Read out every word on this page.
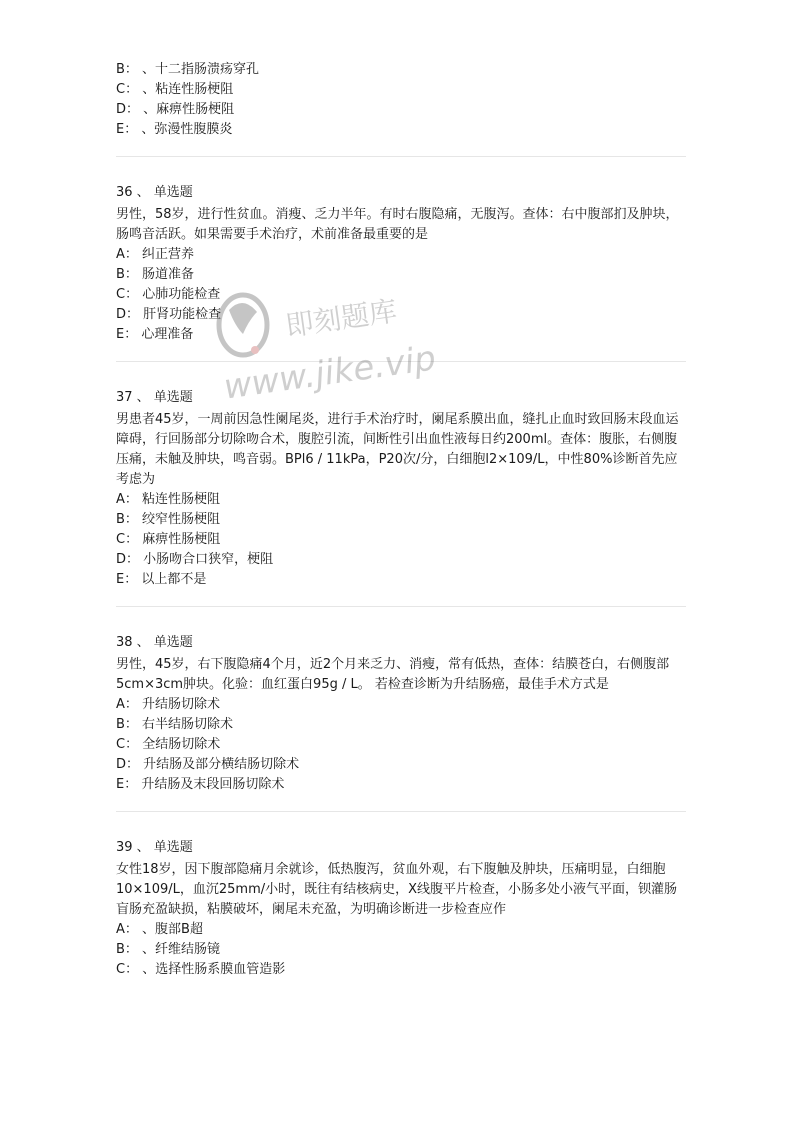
B： 、十二指肠溃疡穿孔
C： 、粘连性肠梗阻
D： 、麻痹性肠梗阻
E： 、弥漫性腹膜炎
36 、 单选题
男性，58岁，进行性贫血。消瘦、乏力半年。有时右腹隐痛，无腹泻。查体：右中腹部扪及肿块，肠鸣音活跃。如果需要手术治疗，术前准备最重要的是
A： 纠正营养
B： 肠道准备
C： 心肺功能检查
D： 肝肾功能检查
E： 心理准备
37 、 单选题
男患者45岁，一周前因急性阑尾炎，进行手术治疗时，阑尾系膜出血，缝扎止血时致回肠末段血运障碍，行回肠部分切除吻合术，腹腔引流，间断性引出血性液每日约200ml。查体：腹胀，右侧腹压痛，未触及肿块，鸣音弱。BPl6 / 11kPa，P20次/分，白细胞l2×109/L，中性80%诊断首先应考虑为
A： 粘连性肠梗阻
B： 绞窄性肠梗阻
C： 麻痹性肠梗阻
D： 小肠吻合口狭窄，梗阻
E： 以上都不是
38 、 单选题
男性，45岁，右下腹隐痛4个月，近2个月来乏力、消瘦，常有低热，查体：结膜苍白，右侧腹部5cm×3cm肿块。化验：血红蛋白95g / L。 若检查诊断为升结肠癌，最佳手术方式是
A： 升结肠切除术
B： 右半结肠切除术
C： 全结肠切除术
D： 升结肠及部分横结肠切除术
E： 升结肠及末段回肠切除术
39 、 单选题
女性18岁，因下腹部隐痛月余就诊，低热腹泻，贫血外观，右下腹触及肿块，压痛明显，白细胞10×109/L，血沉25mm/小时，既往有结核病史，X线腹平片检查，小肠多处小液气平面，钡灌肠盲肠充盈缺损，粘膜破坏，阑尾未充盈，为明确诊断进一步检查应作
A： 、腹部B超
B： 、纤维结肠镜
C： 、选择性肠系膜血管造影
即刻题库
www.jike.vip
